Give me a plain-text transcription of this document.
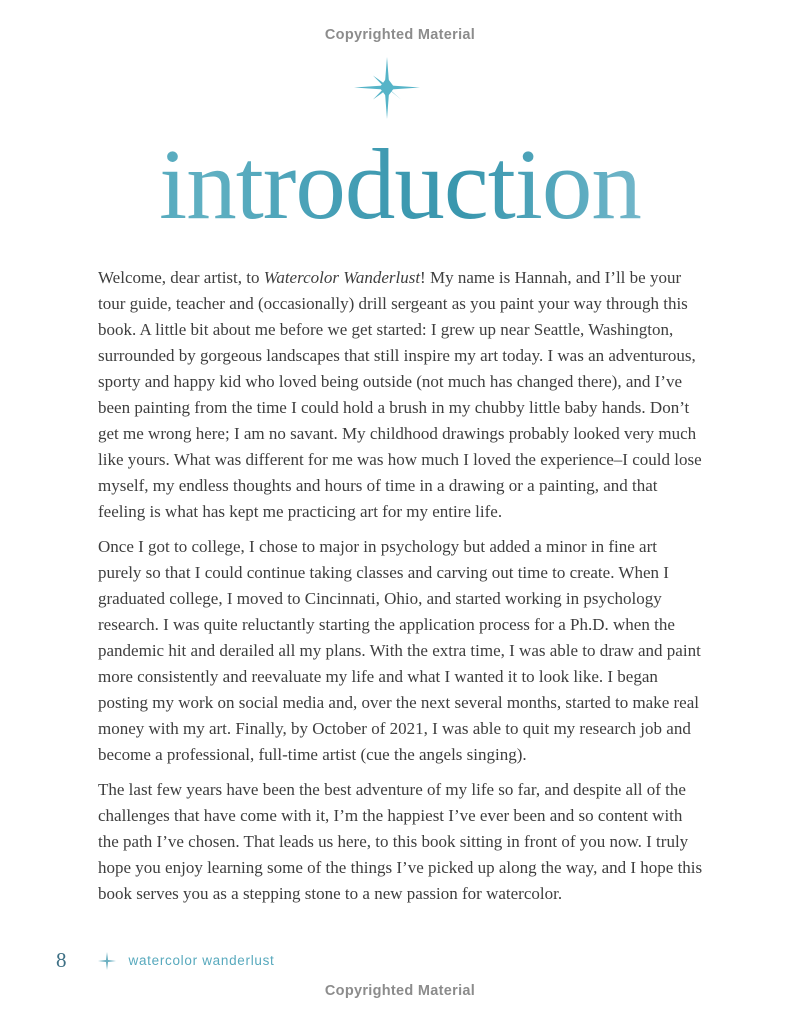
Copyrighted Material
introduction

Welcome, dear artist, to Watercolor Wanderlust! My name is Hannah, and I’ll be your tour guide, teacher and (occasionally) drill sergeant as you paint your way through this book. A little bit about me before we get started: I grew up near Seattle, Washington, surrounded by gorgeous landscapes that still inspire my art today. I was an adventurous, sporty and happy kid who loved being outside (not much has changed there), and I’ve been painting from the time I could hold a brush in my chubby little baby hands. Don’t get me wrong here; I am no savant. My childhood drawings probably looked very much like yours. What was different for me was how much I loved the experience–I could lose myself, my endless thoughts and hours of time in a drawing or a painting, and that feeling is what has kept me practicing art for my entire life.

Once I got to college, I chose to major in psychology but added a minor in fine art purely so that I could continue taking classes and carving out time to create. When I graduated college, I moved to Cincinnati, Ohio, and started working in psychology research. I was quite reluctantly starting the application process for a Ph.D. when the pandemic hit and derailed all my plans. With the extra time, I was able to draw and paint more consistently and reevaluate my life and what I wanted it to look like. I began posting my work on social media and, over the next several months, started to make real money with my art. Finally, by October of 2021, I was able to quit my research job and become a professional, full-time artist (cue the angels singing).

The last few years have been the best adventure of my life so far, and despite all of the challenges that have come with it, I’m the happiest I’ve ever been and so content with the path I’ve chosen. That leads us here, to this book sitting in front of you now. I truly hope you enjoy learning some of the things I’ve picked up along the way, and I hope this book serves you as a stepping stone to a new passion for watercolor.

8	watercolor wanderlust
Copyrighted Material
